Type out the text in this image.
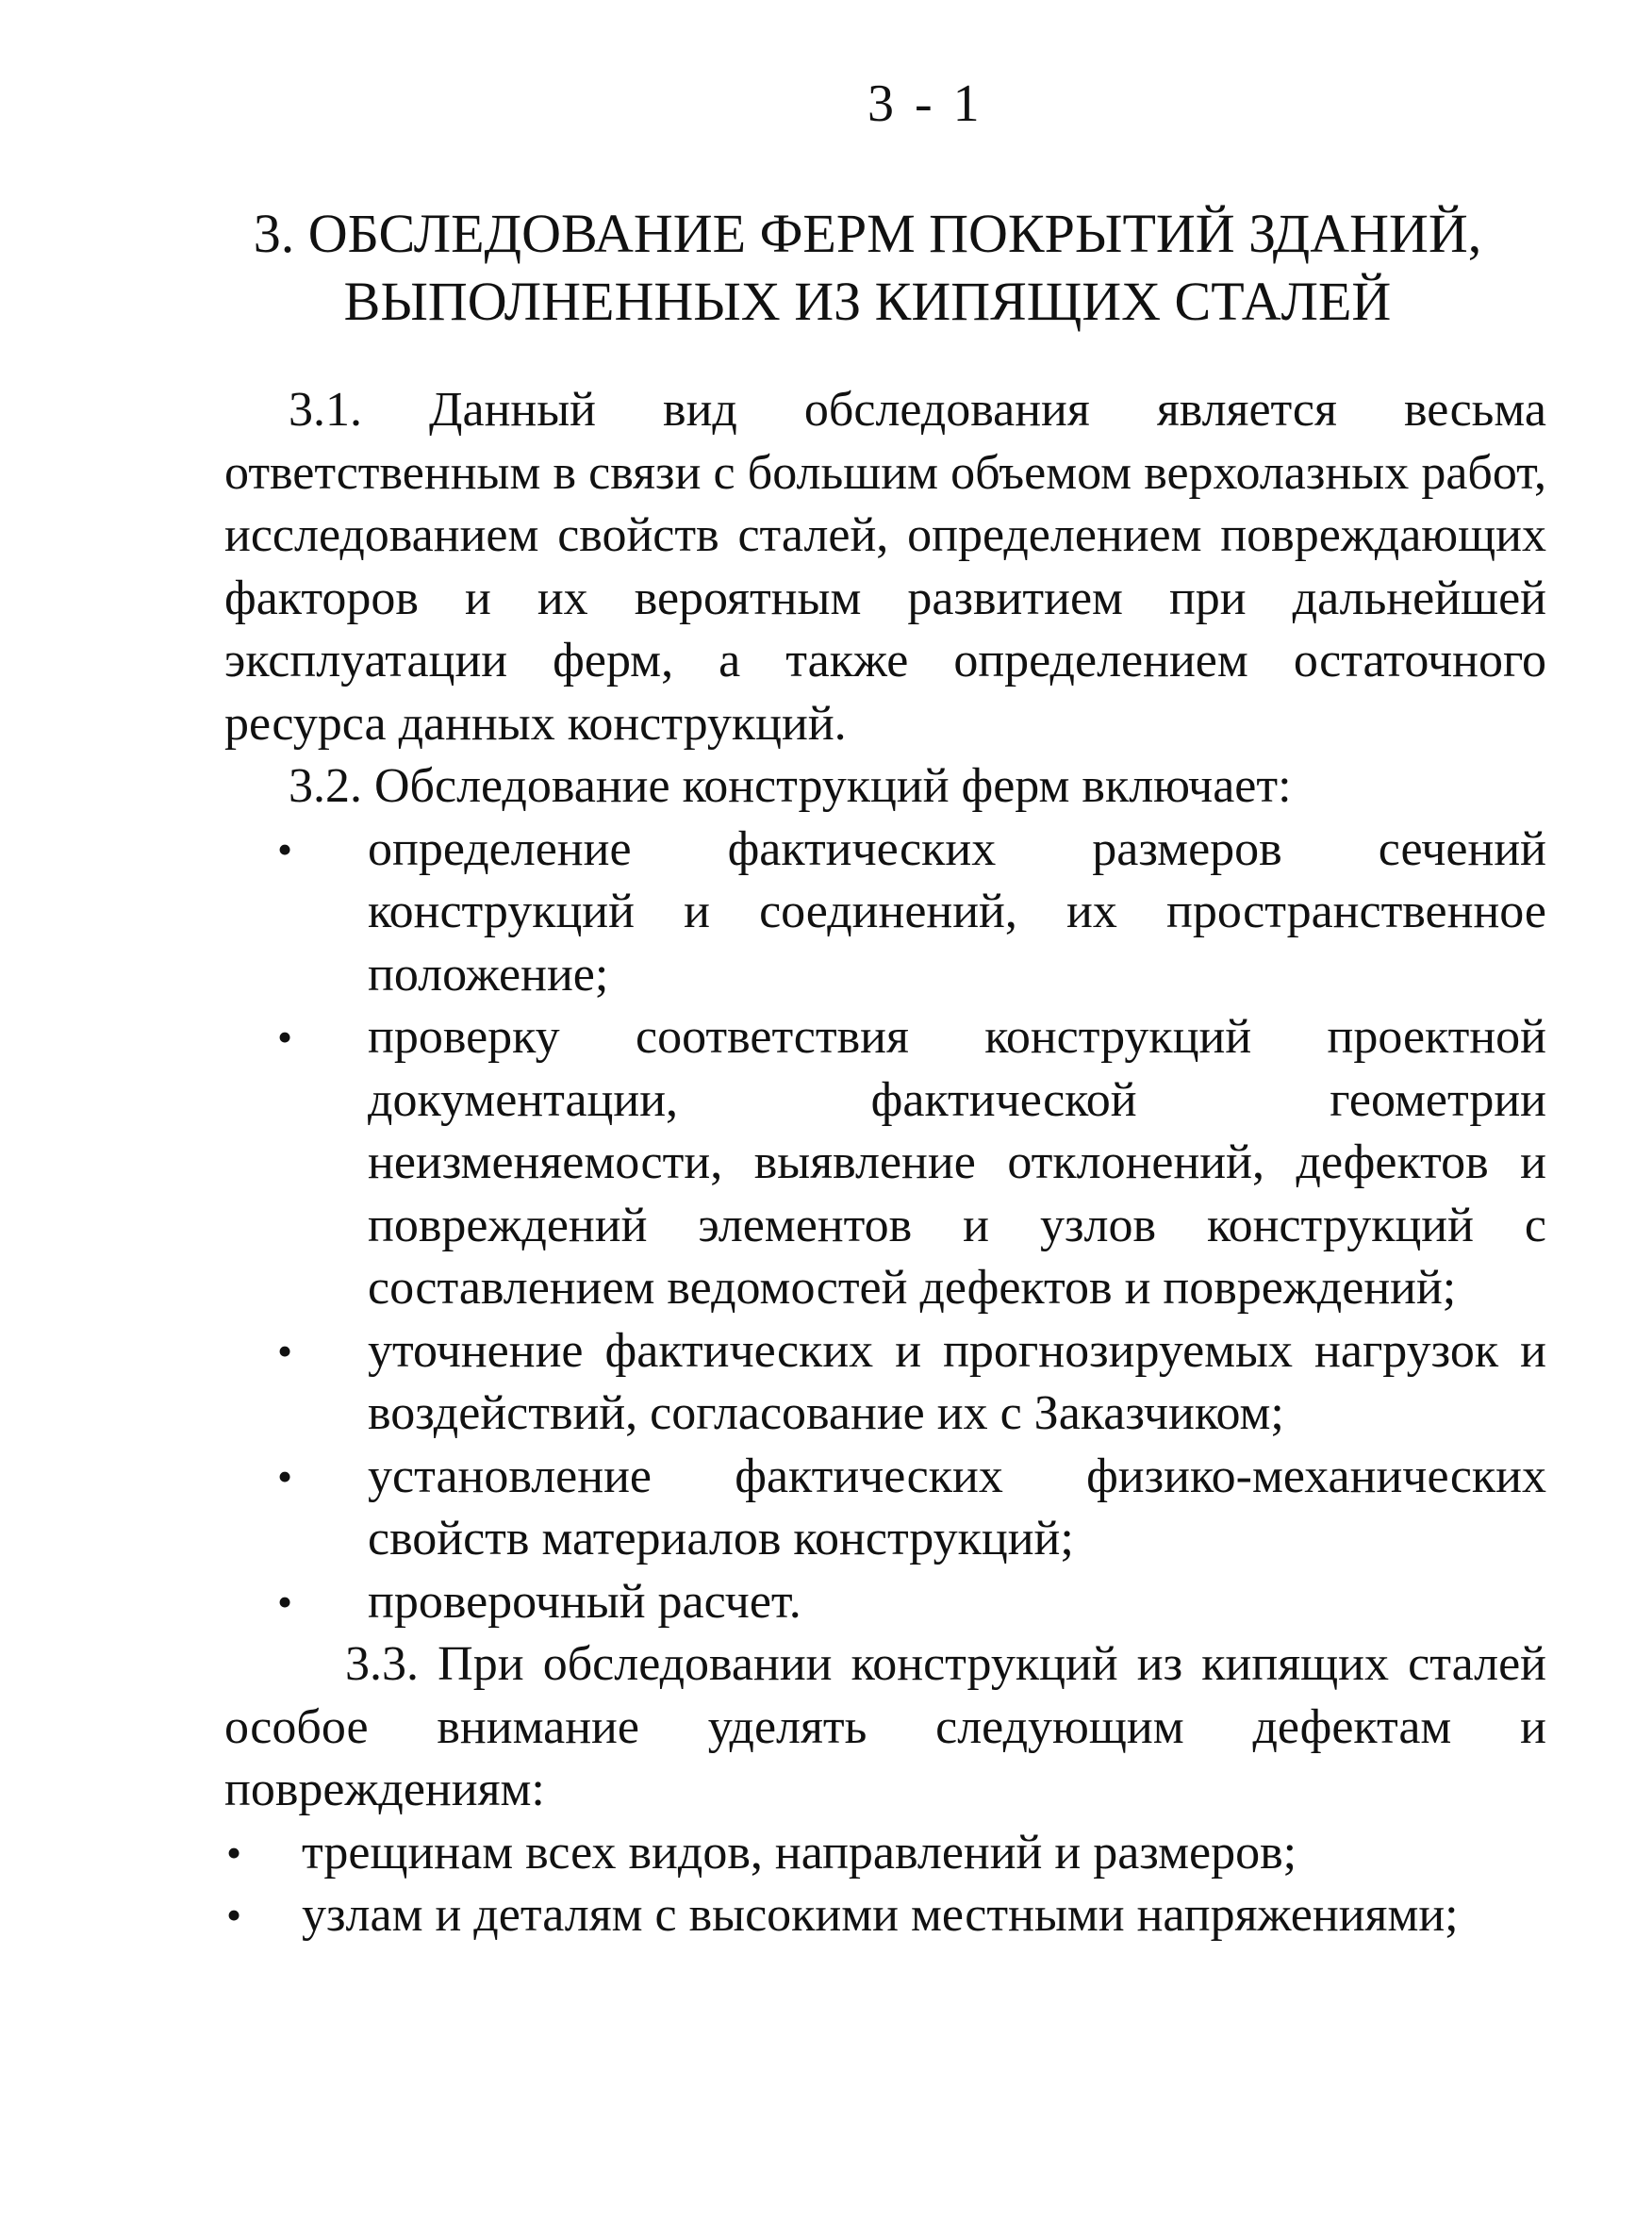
3 - 1
3. ОБСЛЕДОВАНИЕ ФЕРМ ПОКРЫТИЙ ЗДАНИЙ,
ВЫПОЛНЕННЫХ ИЗ КИПЯЩИХ СТАЛЕЙ

3.1. Данный вид обследования является весьма ответственным в связи с большим объемом верхолазных работ, исследованием свойств сталей, определением повреждающих факторов и их вероятным развитием при дальнейшей эксплуатации ферм, а также определением остаточного ресурса данных конструкций.

3.2. Обследование конструкций ферм включает:

• определение фактических размеров сечений конструкций и соединений, их пространственное положение;
• проверку соответствия конструкций проектной документации, фактической геометрии неизменяемости, выявление отклонений, дефектов и повреждений элементов и узлов конструкций с составлением ведомостей дефектов и повреждений;
• уточнение фактических и прогнозируемых нагрузок и воздействий, согласование их с Заказчиком;
• установление фактических физико-механических свойств материалов конструкций;
• проверочный расчет.

3.3. При обследовании конструкций из кипящих сталей особое внимание уделять следующим дефектам и повреждениям:

• трещинам всех видов, направлений и размеров;
• узлам и деталям с высокими местными напряжениями;
